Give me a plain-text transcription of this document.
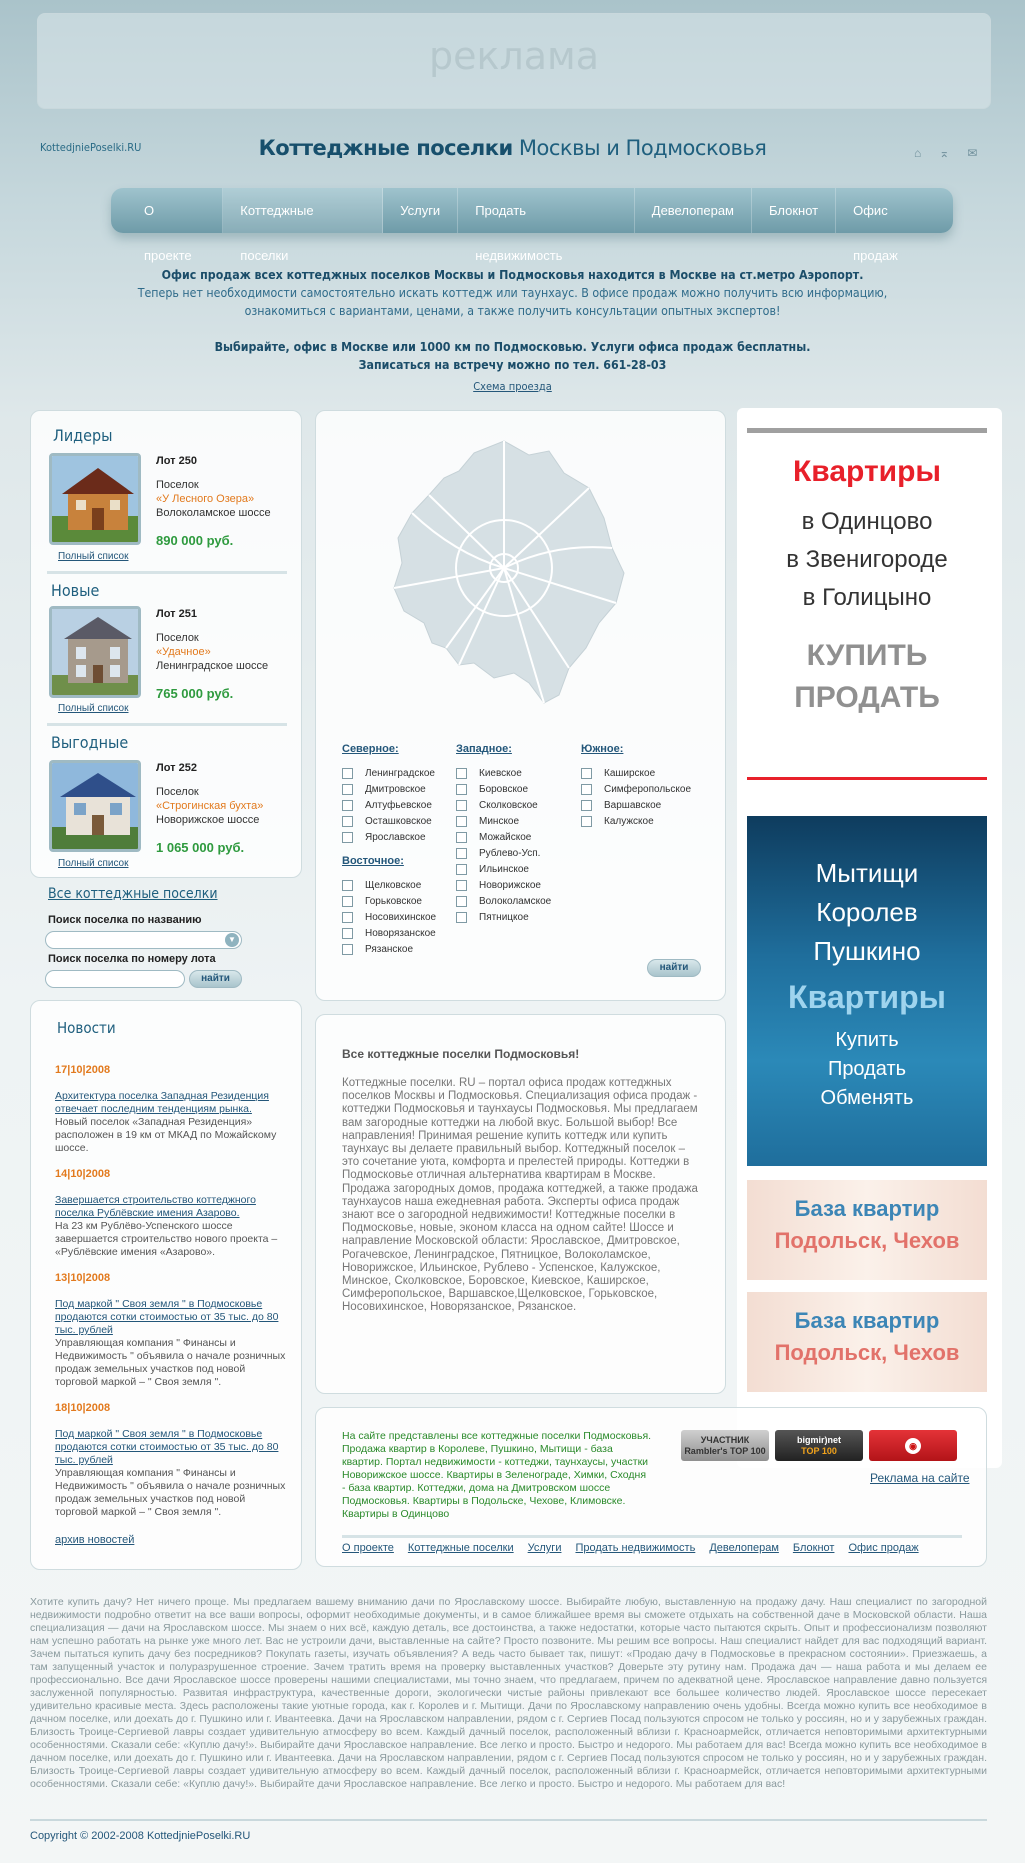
реклама
KottedjniePoselki.RU	Коттеджные поселки Москвы и Подмосковья	⌂ ⌅ ✉
О проекте
Коттеджные поселки
Услуги	Продать недвижимость
Девелоперам	Блокнот	Офис продаж
Офис продаж всех коттеджных поселков Москвы и Подмосковья находится в Москве на ст.метро Аэропорт.
Теперь нет необходимости самостоятельно искать коттедж или таунхаус. В офисе продаж можно получить всю информацию,
ознакомиться с вариантами, ценами, а также получить консультации опытных экспертов!
Выбирайте, офис в Москве или 1000 км по Подмосковью. Услуги офиса продаж бесплатны.
Записаться на встречу можно по тел. 661-28-03
Схема проезда
Лидеры
Лот 250
Поселок
«У Лесного Озера»
Волоколамское шоссе
890 000 руб.
Полный список
Новые
Лот 251
Поселок
«Удачное»
Ленинградское шоссе
765 000 руб.
Полный список
Выгодные
Лот 252
Поселок
«Строгинская бухта»
Новорижское шоссе
1 065 000 руб.
Полный список
Все коттеджные поселки
Поиск поселка по названию
▼
Поиск поселка по номеру лота
найти
Северное:
Ленинградское
Дмитровское
Алтуфьевское
Осташковское
Ярославское
Восточное:
Щелковское
Горьковское
Носовихинское
Новорязанское
Рязанское
Западное:
Киевское
Боровское
Сколковское
Минское
Можайское
Рублево-Усп.
Ильинское
Новорижское
Волоколамское
Пятницкое
Южное:
Каширское
Симферопольское
Варшавское
Калужское
найти
Все коттеджные поселки Подмосковья!

Коттеджные поселки. RU – портал офиса продаж коттеджных поселков Москвы и Подмосковья. Специализация офиса продаж - коттеджи Подмосковья и таунхаусы Подмосковья. Мы предлагаем вам загородные коттеджи на любой вкус. Большой выбор! Все направления! Принимая решение купить коттедж или купить таунхаус вы делаете правильный выбор. Коттеджный поселок – это сочетание уюта, комфорта и прелестей природы. Коттеджи в Подмосковье отличная альтернатива квартирам в Москве. Продажа загородных домов, продажа коттеджей, а также продажа таунхаусов наша ежедневная работа. Эксперты офиса продаж знают все о загородной недвижимости! Коттеджные поселки в Подмосковье, новые, эконом класса на одном сайте! Шоссе и направление Московской области: Ярославское, Дмитровское, Рогачевское, Ленинградское, Пятницкое, Волоколамское, Новорижское, Ильинское, Рублево - Успенское, Калужское, Минское, Сколковское, Боровское, Киевское, Каширское, Симферопольское, Варшавское,Щелковское, Горьковское, Носовихинское, Новорязанское, Рязанское.

Новости
17|10|2008
Архитектура поселка Западная Резиденция отвечает последним тенденциям рынка.
Новый поселок «Западная Резиденция» расположен в 19 км от МКАД по Можайскому шоссе.
14|10|2008
Завершается строительство коттеджного поселка Рублёвские имения Азарово.
На 23 км Рублёво-Успенского шоссе завершается строительство нового проекта – «Рублёвские имения «Азарово».
13|10|2008
Под маркой " Своя земля " в Подмосковье продаются сотки стоимостью от 35 тыс. до 80 тыс. рублей
Управляющая компания " Финансы и Недвижимость " объявила о начале розничных продаж земельных участков под новой торговой маркой – " Своя земля ".
18|10|2008
Под маркой " Своя земля " в Подмосковье продаются сотки стоимостью от 35 тыс. до 80 тыс. рублей
Управляющая компания " Финансы и Недвижимость " объявила о начале розничных продаж земельных участков под новой торговой маркой – " Своя земля ".
архив новостей
Квартиры
в Одинцово
в Звенигороде
в Голицыно
КУПИТЬ
ПРОДАТЬ
Мытищи
Королев
Пушкино
Квартиры
Купить
Продать
Обменять
База квартир
Подольск, Чехов
База квартир
Подольск, Чехов
На сайте представлены все коттеджные поселки Подмосковья. Продажа квартир в Королеве, Пушкино, Мытищи - база квартир. Портал недвижимости - коттеджи, таунхаусы, участки Новорижское шоссе. Квартиры в Зеленограде, Химки, Сходня - база квартир. Коттеджи, дома на Дмитровском шоссе Подмосковья. Квартиры в Подольске, Чехове, Климовске. Квартиры в Одинцово
УЧАСТНИК
Rambler's TOP 100
bigmir)net
TOP 100	◉
Реклама на сайте
О проекте Коттеджные поселки Услуги Продать недвижимость Девелоперам Блокнот Офис продаж
Хотите купить дачу? Нет ничего проще. Мы предлагаем вашему вниманию дачи по Ярославскому шоссе. Выбирайте любую, выставленную на продажу дачу. Наш специалист по загородной недвижимости подробно ответит на все ваши вопросы, оформит необходимые документы, и в самое ближайшее время вы сможете отдыхать на собственной даче в Московской области. Наша специализация — дачи на Ярославском шоссе. Мы знаем о них всё, каждую деталь, все достоинства, а также недостатки, которые часто пытаются скрыть. Опыт и профессионализм позволяют нам успешно работать на рынке уже много лет. Вас не устроили дачи, выставленные на сайте? Просто позвоните. Мы решим все вопросы. Наш специалист найдет для вас подходящий вариант. Зачем пытаться купить дачу без посредников? Покупать газеты, изучать объявления? А ведь часто бывает так, пишут: «Продаю дачу в Подмосковье в прекрасном состоянии». Приезжаешь, а там запущенный участок и полуразрушенное строение. Зачем тратить время на проверку выставленных участков? Доверьте эту рутину нам. Продажа дач — наша работа и мы делаем ее профессионально. Все дачи Ярославское шоссе проверены нашими специалистами, мы точно знаем, что предлагаем, причем по адекватной цене. Ярославское направление давно пользуется заслуженной популярностью. Развитая инфраструктура, качественные дороги, экологически чистые районы привлекают все большее количество людей. Ярославское шоссе пересекает удивительно красивые места. Здесь расположены такие уютные города, как г. Королев и г. Мытищи. Дачи по Ярославскому направлению очень удобны. Всегда можно купить все необходимое в дачном поселке, или доехать до г. Пушкино или г. Ивантеевка. Дачи на Ярославском направлении, рядом с г. Сергиев Посад пользуются спросом не только у россиян, но и у зарубежных граждан. Близость Троице-Сергиевой лавры создает удивительную атмосферу во всем. Каждый дачный поселок, расположенный вблизи г. Красноармейск, отличается неповторимыми архитектурными особенностями. Сказали себе: «Куплю дачу!». Выбирайте дачи Ярославское направление. Все легко и просто. Быстро и недорого. Мы работаем для вас! Всегда можно купить все необходимое в дачном поселке, или доехать до г. Пушкино или г. Ивантеевка. Дачи на Ярославском направлении, рядом с г. Сергиев Посад пользуются спросом не только у россиян, но и у зарубежных граждан. Близость Троице-Сергиевой лавры создает удивительную атмосферу во всем. Каждый дачный поселок, расположенный вблизи г. Красноармейск, отличается неповторимыми архитектурными особенностями. Сказали себе: «Куплю дачу!». Выбирайте дачи Ярославское направление. Все легко и просто. Быстро и недорого. Мы работаем для вас!
Copyright © 2002-2008 KottedjniePoselki.RU
